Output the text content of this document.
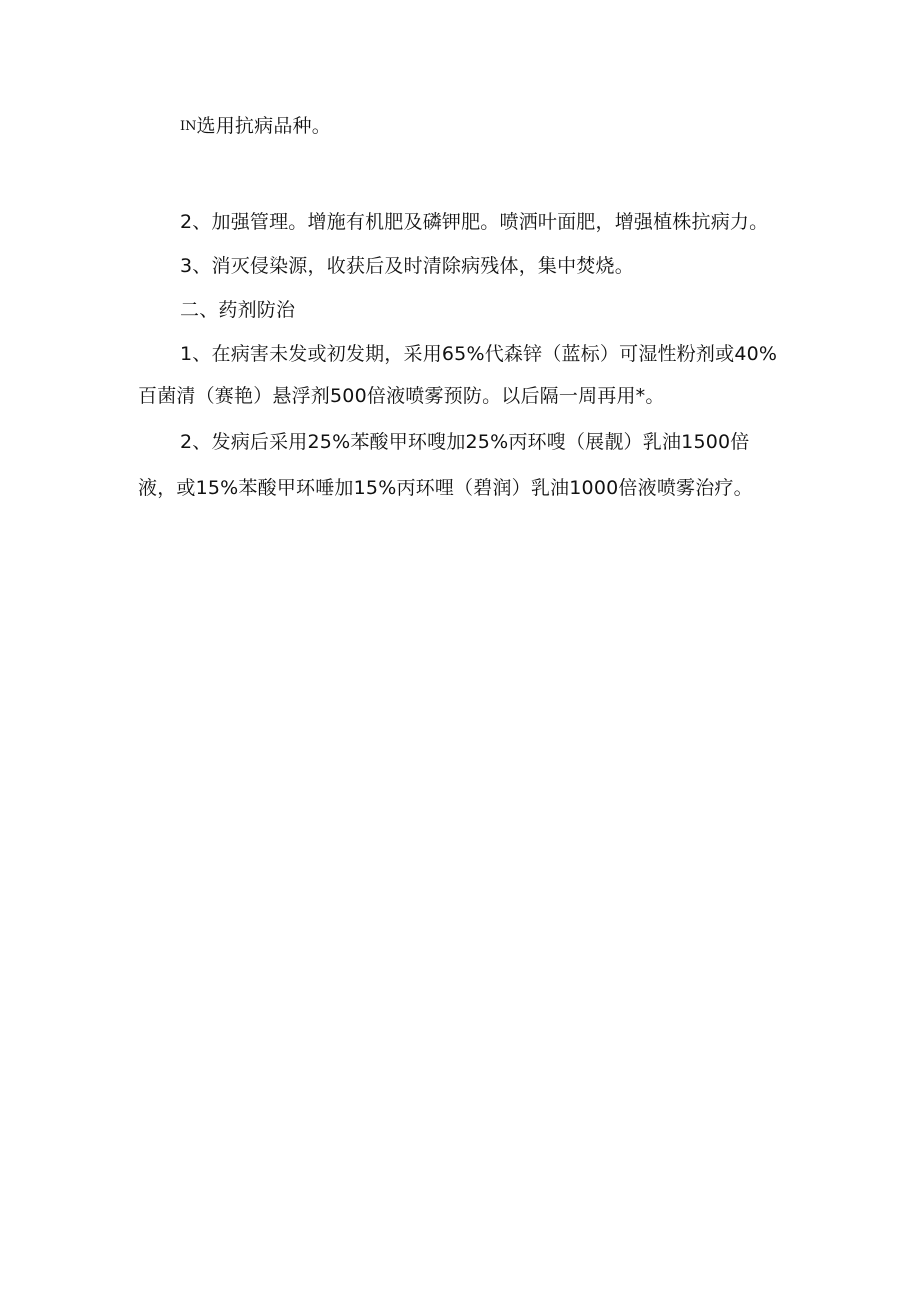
IN选用抗病品种。
2、加强管理。增施有机肥及磷钾肥。喷洒叶面肥，增强植株抗病力。
3、消灭侵染源，收获后及时清除病残体，集中焚烧。
二、药剂防治
1、在病害未发或初发期，采用65%代森锌（蓝标）可湿性粉剂或40%
百菌清（赛艳）悬浮剂500倍液喷雾预防。以后隔一周再用*。
2、发病后采用25%苯酸甲环嗖加25%丙环嗖（展靓）乳油1500倍
液，或15%苯酸甲环唾加15%丙环哩（碧润）乳油1000倍液喷雾治疗。
